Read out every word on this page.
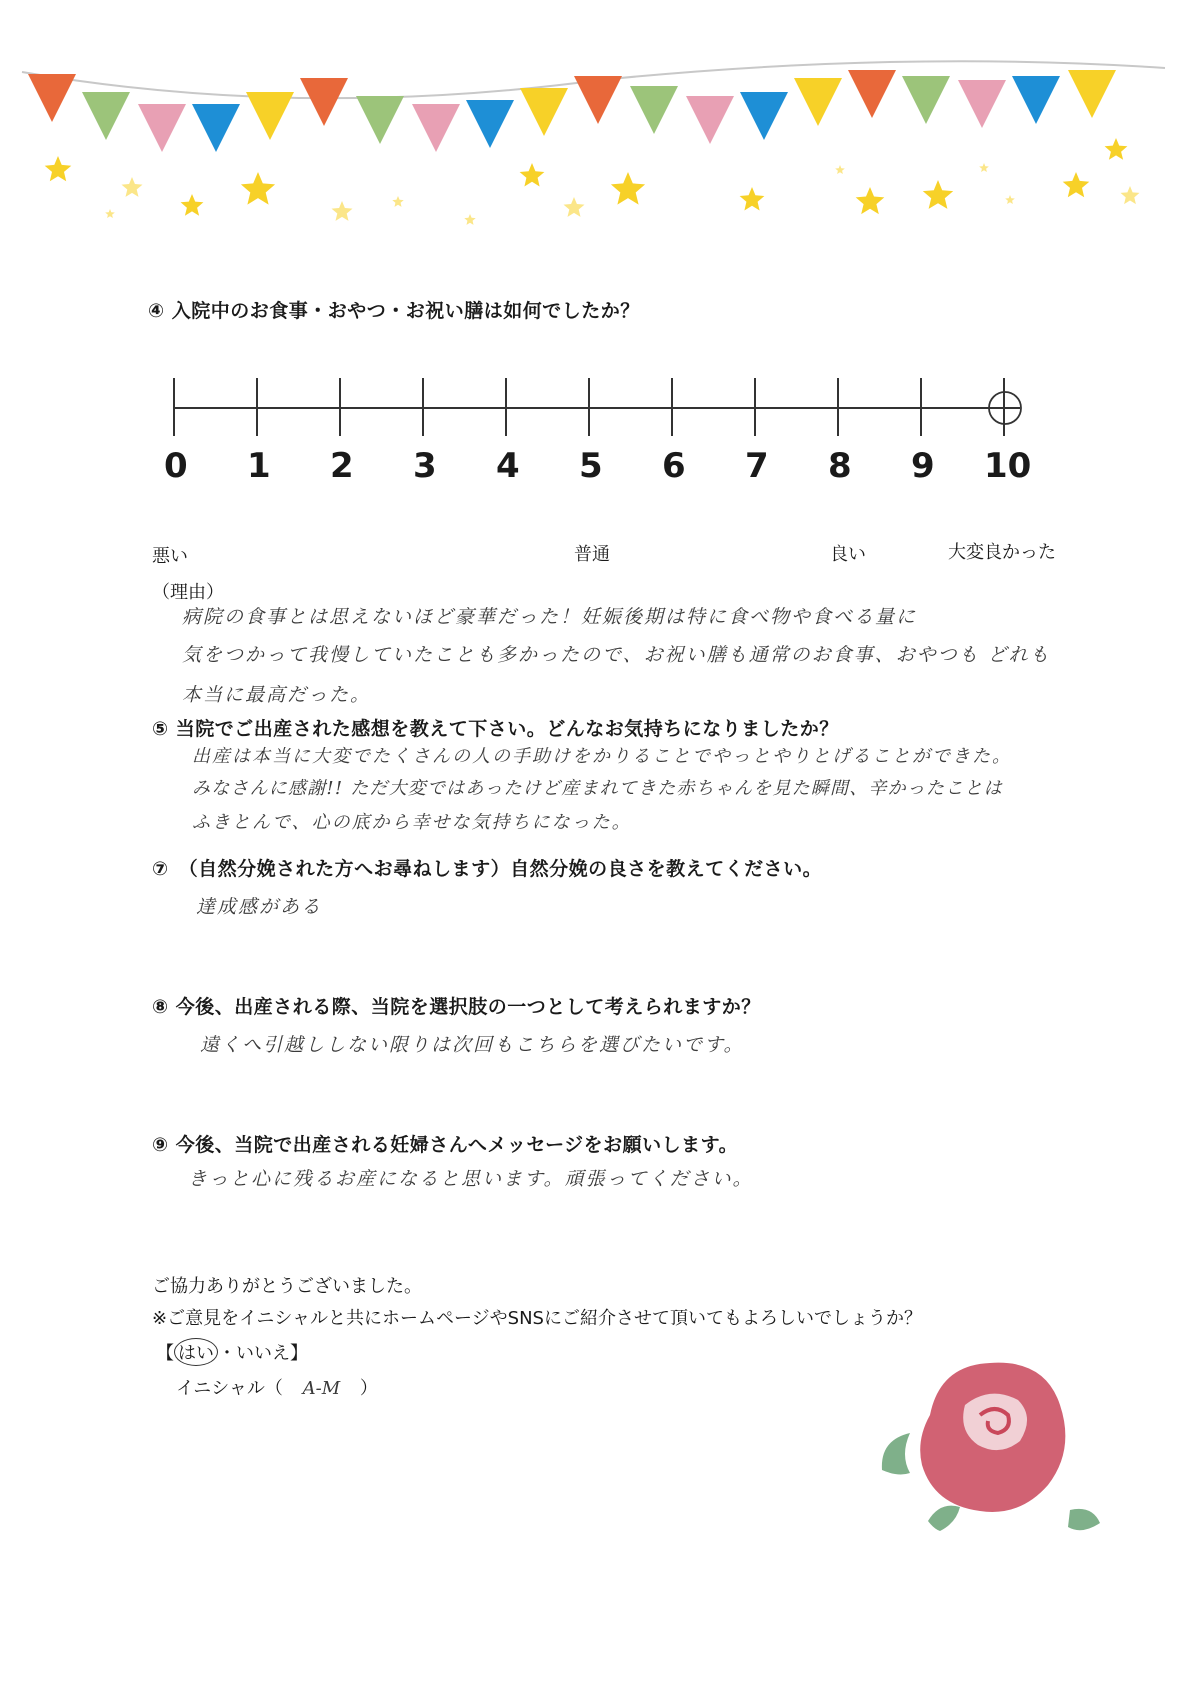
④ 入院中のお食事・おやつ・お祝い膳は如何でしたか？
0 1 2 3 4 5 6 7 8 9 10
悪い	普通	良い	大変良かった
（理由）
病院の食事とは思えないほど豪華だった！妊娠後期は特に食べ物や食べる量に
気をつかって我慢していたことも多かったので、お祝い膳も通常のお食事、おやつも どれも
本当に最高だった。
⑤ 当院でご出産された感想を教えて下さい。どんなお気持ちになりましたか？
出産は本当に大変でたくさんの人の手助けをかりることでやっとやりとげることができた。
みなさんに感謝!! ただ大変ではあったけど産まれてきた赤ちゃんを見た瞬間、辛かったことは
ふきとんで、心の底から幸せな気持ちになった。
⑦　（自然分娩された方へお尋ねします）自然分娩の良さを教えてください。
達成感がある
⑧ 今後、出産される際、当院を選択肢の一つとして考えられますか？
遠くへ引越ししない限りは次回もこちらを選びたいです。
⑨ 今後、当院で出産される妊婦さんへメッセージをお願いします。
きっと心に残るお産になると思います。頑張ってください。
ご協力ありがとうございました。
※ご意見をイニシャルと共にホームページやSNSにご紹介させて頂いてもよろしいでしょうか？
【 はい ・いいえ】
イニシャル（ A-M ）
